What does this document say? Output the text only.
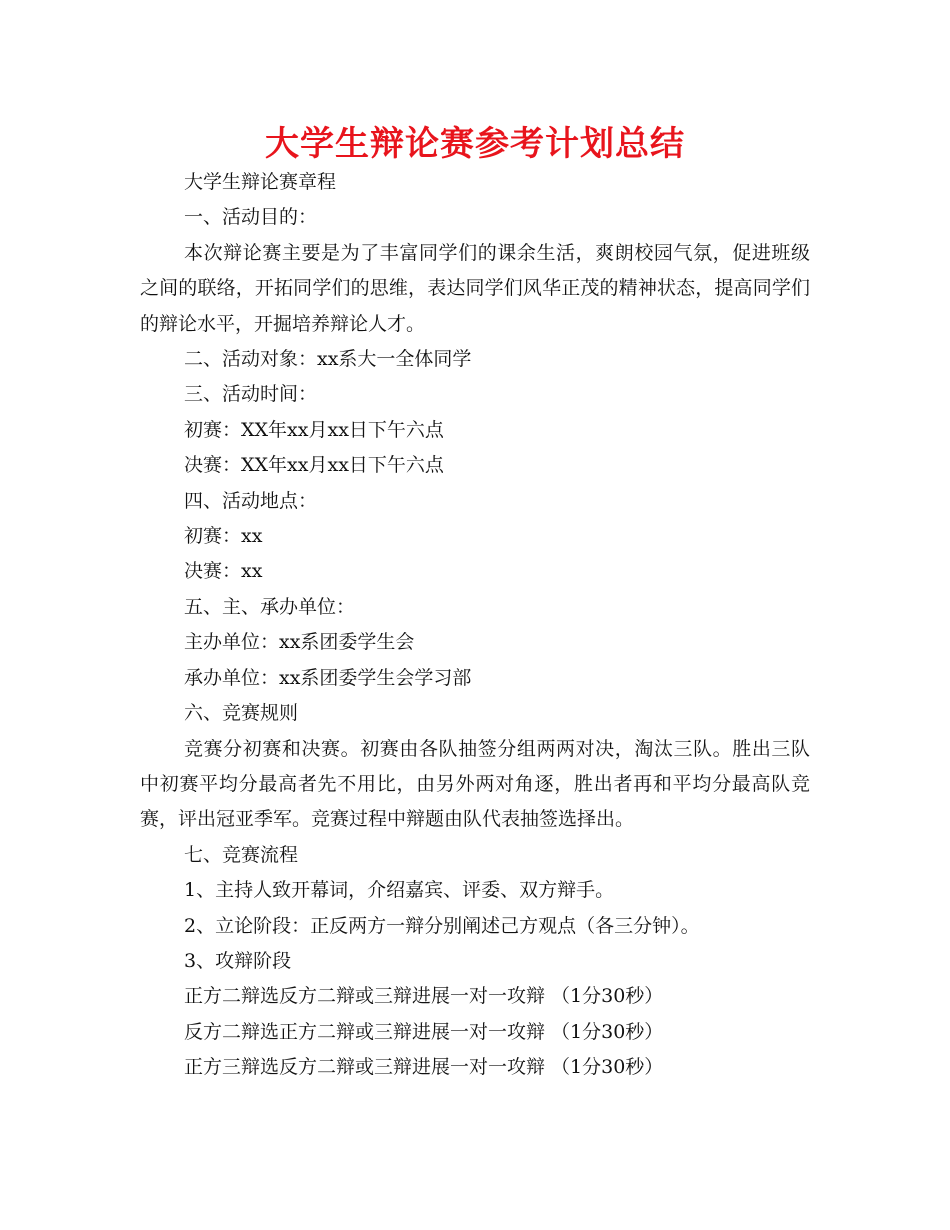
大学生辩论赛参考计划总结

大学生辩论赛章程

一、活动目的：

本次辩论赛主要是为了丰富同学们的课余生活，爽朗校园气氛，促进班级之间的联络，开拓同学们的思维，表达同学们风华正茂的精神状态，提高同学们的辩论水平，开掘培养辩论人才。

二、活动对象：xx系大一全体同学

三、活动时间：

初赛：XX年xx月xx日下午六点

决赛：XX年xx月xx日下午六点

四、活动地点：

初赛：xx

决赛：xx

五、主、承办单位：

主办单位：xx系团委学生会

承办单位：xx系团委学生会学习部

六、竞赛规则

竞赛分初赛和决赛。初赛由各队抽签分组两两对决，淘汰三队。胜出三队中初赛平均分最高者先不用比，由另外两对角逐，胜出者再和平均分最高队竞赛，评出冠亚季军。竞赛过程中辩题由队代表抽签选择出。

七、竞赛流程

1、主持人致开幕词，介绍嘉宾、评委、双方辩手。

2、立论阶段：正反两方一辩分别阐述己方观点（各三分钟）。

3、攻辩阶段

正方二辩选反方二辩或三辩进展一对一攻辩 （1分30秒）

反方二辩选正方二辩或三辩进展一对一攻辩 （1分30秒）

正方三辩选反方二辩或三辩进展一对一攻辩 （1分30秒）
